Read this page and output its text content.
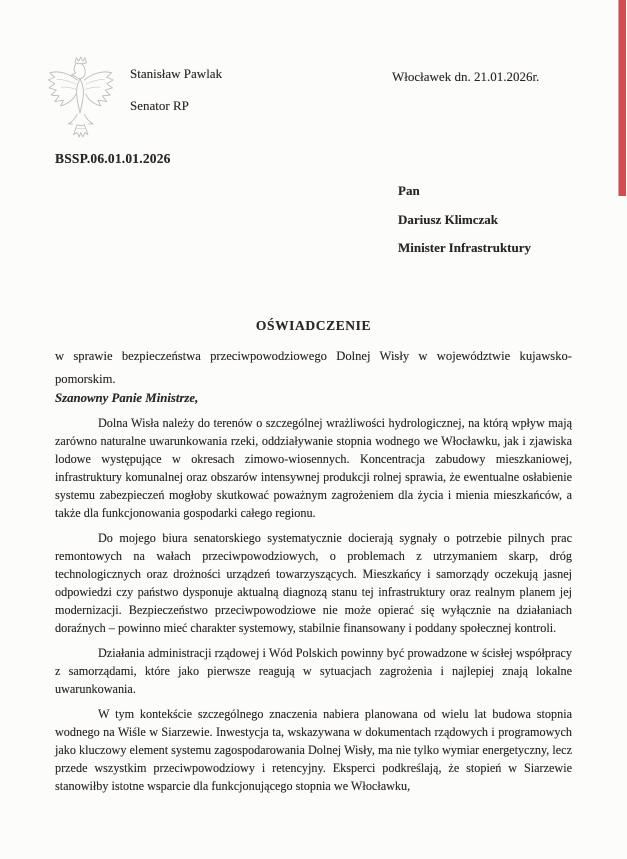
Stanisław Pawlak
Senator RP
Włocławek dn. 21.01.2026r.
BSSP.06.01.01.2026
Pan
Dariusz Klimczak
Minister Infrastruktury
OŚWIADCZENIE

w sprawie bezpieczeństwa przeciwpowodziowego Dolnej Wisły w województwie kujawsko-pomorskim.

Szanowny Panie Ministrze,

Dolna Wisła należy do terenów o szczególnej wrażliwości hydrologicznej, na którą wpływ mają zarówno naturalne uwarunkowania rzeki, oddziaływanie stopnia wodnego we Włocławku, jak i zjawiska lodowe występujące w okresach zimowo-wiosennych. Koncentracja zabudowy mieszkaniowej, infrastruktury komunalnej oraz obszarów intensywnej produkcji rolnej sprawia, że ewentualne osłabienie systemu zabezpieczeń mogłoby skutkować poważnym zagrożeniem dla życia i mienia mieszkańców, a także dla funkcjonowania gospodarki całego regionu.

Do mojego biura senatorskiego systematycznie docierają sygnały o potrzebie pilnych prac remontowych na wałach przeciwpowodziowych, o problemach z utrzymaniem skarp, dróg technologicznych oraz drożności urządzeń towarzyszących. Mieszkańcy i samorządy oczekują jasnej odpowiedzi czy państwo dysponuje aktualną diagnozą stanu tej infrastruktury oraz realnym planem jej modernizacji. Bezpieczeństwo przeciwpowodziowe nie może opierać się wyłącznie na działaniach doraźnych – powinno mieć charakter systemowy, stabilnie finansowany i poddany społecznej kontroli.

Działania administracji rządowej i Wód Polskich powinny być prowadzone w ścisłej współpracy z samorządami, które jako pierwsze reagują w sytuacjach zagrożenia i najlepiej znają lokalne uwarunkowania.

W tym kontekście szczególnego znaczenia nabiera planowana od wielu lat budowa stopnia wodnego na Wiśle w Siarzewie. Inwestycja ta, wskazywana w dokumentach rządowych i programowych jako kluczowy element systemu zagospodarowania Dolnej Wisły, ma nie tylko wymiar energetyczny, lecz przede wszystkim przeciwpowodziowy i retencyjny. Eksperci podkreślają, że stopień w Siarzewie stanowiłby istotne wsparcie dla funkcjonującego stopnia we Włocławku,
